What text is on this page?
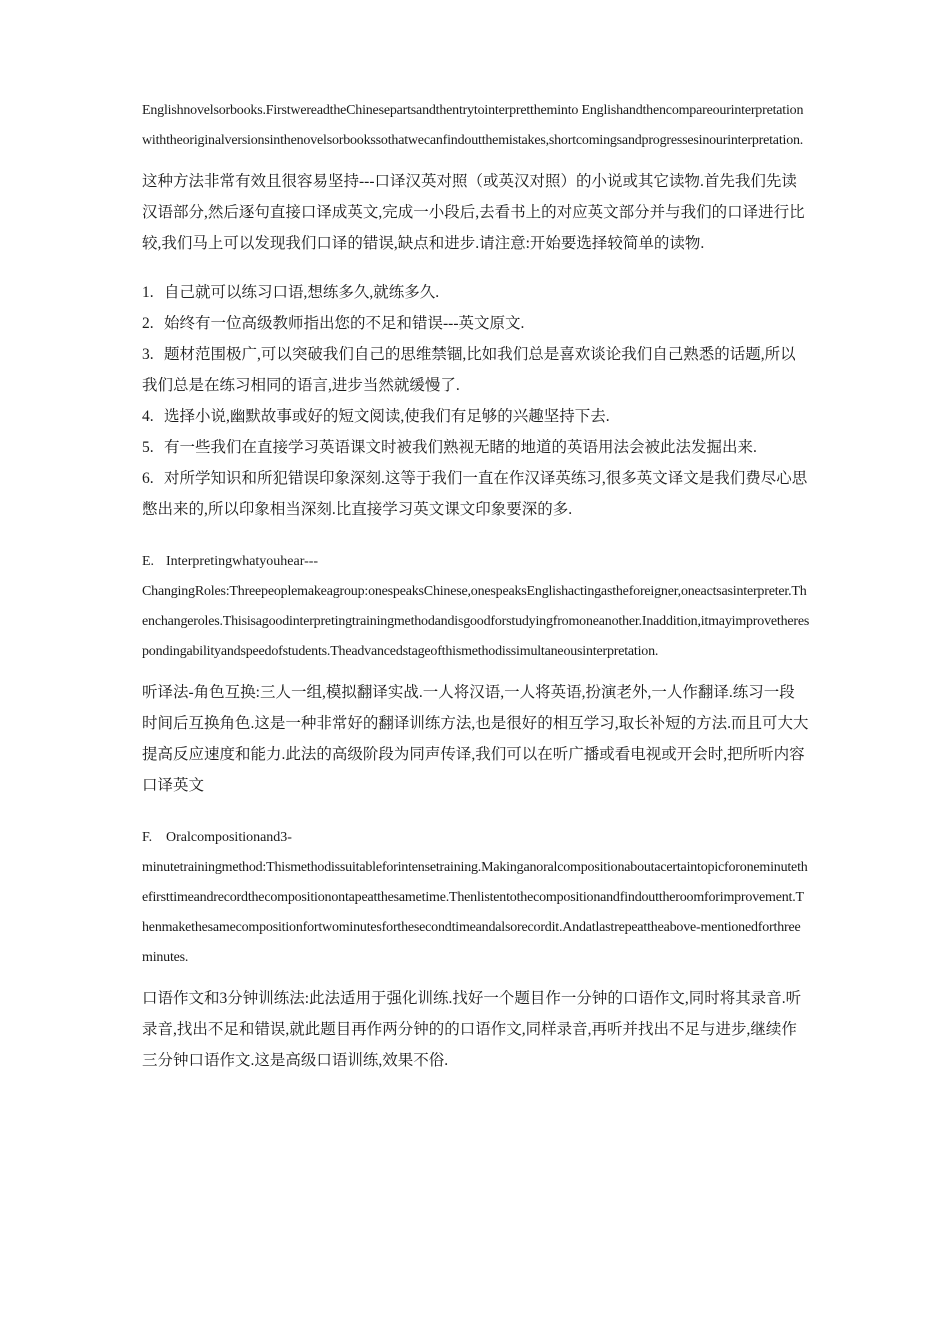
Englishnovelsorbooks.FirstwereadtheChinesepartsandthentrytointerprettheminto Englishandthencompareourinterpretationwiththeoriginalversionsinthenovelsorbookssothatwecanfindoutthemistakes,shortcomingsandprogressesinourinterpretation.

这种方法非常有效且很容易坚持---口译汉英对照（或英汉对照）的小说或其它读物.首先我们先读汉语部分,然后逐句直接口译成英文,完成一小段后,去看书上的对应英文部分并与我们的口译进行比较,我们马上可以发现我们口译的错误,缺点和进步.请注意:开始要选择较简单的读物.

1. 自己就可以练习口语,想练多久,就练多久.
2. 始终有一位高级教师指出您的不足和错误---英文原文.
3. 题材范围极广,可以突破我们自己的思维禁锢,比如我们总是喜欢谈论我们自己熟悉的话题,所以我们总是在练习相同的语言,进步当然就缓慢了.
4. 选择小说,幽默故事或好的短文阅读,使我们有足够的兴趣坚持下去.
5. 有一些我们在直接学习英语课文时被我们熟视无睹的地道的英语用法会被此法发掘出来.
6. 对所学知识和所犯错误印象深刻.这等于我们一直在作汉译英练习,很多英文译文是我们费尽心思憋出来的,所以印象相当深刻.比直接学习英文课文印象要深的多.

E. Interpretingwhatyouhear---

ChangingRoles:Threepeoplemakeagroup:onespeaksChinese,onespeaksEnglishactingastheforeigner,oneactsasinterpreter.Thenchangeroles.Thisisagoodinterpretingtrainingmethodandisgoodforstudyingfromoneanother.Inaddition,itmayimprovetherespondingabilityandspeedofstudents.Theadvancedstageofthismethodissimultaneousinterpretation.

听译法-角色互换:三人一组,模拟翻译实战.一人将汉语,一人将英语,扮演老外,一人作翻译.练习一段时间后互换角色.这是一种非常好的翻译训练方法,也是很好的相互学习,取长补短的方法.而且可大大提高反应速度和能力.此法的高级阶段为同声传译,我们可以在听广播或看电视或开会时,把所听内容口译英文

F. Oralcompositionand3-

minutetrainingmethod:Thismethodissuitableforintensetraining.Makinganoralcompositionaboutacertaintopicforoneminutethefirsttimeandrecordthecompositionontapeatthesametime.Thenlistentothecompositionandfindouttheroomforimprovement.Thenmakethesamecompositionfortwominutesforthesecondtimeandalsorecordit.Andatlastrepeattheabove-mentionedforthreeminutes.

口语作文和3分钟训练法:此法适用于强化训练.找好一个题目作一分钟的口语作文,同时将其录音.听录音,找出不足和错误,就此题目再作两分钟的的口语作文,同样录音,再听并找出不足与进步,继续作三分钟口语作文.这是高级口语训练,效果不俗.
